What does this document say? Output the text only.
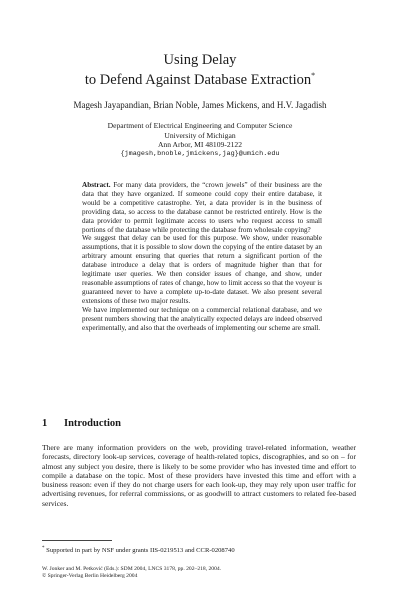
Using Delay
to Defend Against Database Extraction*
Magesh Jayapandian, Brian Noble, James Mickens, and H.V. Jagadish
Department of Electrical Engineering and Computer Science
University of Michigan
Ann Arbor, MI 48109-2122
{jmagesh,bnoble,jmickens,jag}@umich.edu

Abstract. For many data providers, the “crown jewels” of their business are the data that they have organized. If someone could copy their entire database, it would be a competitive catastrophe. Yet, a data provider is in the business of providing data, so access to the database cannot be restricted entirely. How is the data provider to permit legitimate access to users who request access to small portions of the database while protecting the database from wholesale copying?

We suggest that delay can be used for this purpose. We show, under reasonable assumptions, that it is possible to slow down the copying of the entire dataset by an arbitrary amount ensuring that queries that return a significant portion of the database introduce a delay that is orders of magnitude higher than that for legitimate user queries. We then consider issues of change, and show, under reasonable assumptions of rates of change, how to limit access so that the voyeur is guaranteed never to have a complete up-to-date dataset. We also present several extensions of these two major results.

We have implemented our technique on a commercial relational database, and we present numbers showing that the analytically expected delays are indeed observed experimentally, and also that the overheads of implementing our scheme are small.

1 Introduction

There are many information providers on the web, providing travel-related information, weather forecasts, directory look-up services, coverage of health-related topics, discographies, and so on – for almost any subject you desire, there is likely to be some provider who has invested time and effort to compile a database on the topic. Most of these providers have invested this time and effort with a business reason: even if they do not charge users for each look-up, they may rely upon user traffic for advertising revenues, for referral commissions, or as goodwill to attract customers to related fee-based services.

* Supported in part by NSF under grants IIS-0219513 and CCR-0208740
W. Jonker and M. Petković (Eds.): SDM 2004, LNCS 3178, pp. 202–218, 2004.
© Springer-Verlag Berlin Heidelberg 2004
